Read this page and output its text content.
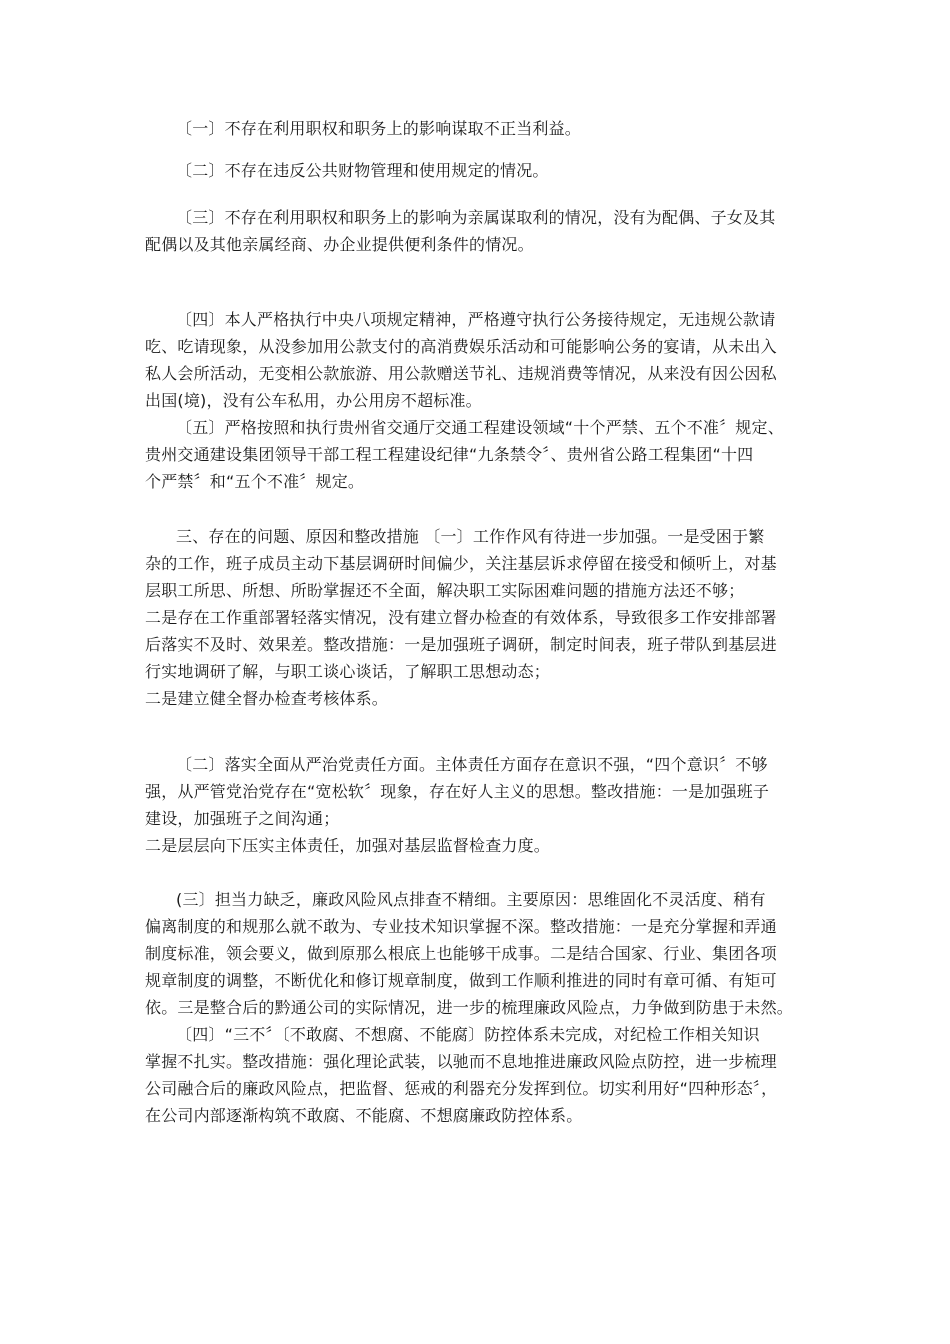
〔一〕不存在利用职权和职务上的影响谋取不正当利益。
〔二〕不存在违反公共财物管理和使用规定的情况。
〔三〕不存在利用职权和职务上的影响为亲属谋取利的情况，没有为配偶、子女及其
配偶以及其他亲属经商、办企业提供便利条件的情况。
〔四〕本人严格执行中央八项规定精神，严格遵守执行公务接待规定，无违规公款请
吃、吃请现象，从没参加用公款支付的高消费娱乐活动和可能影响公务的宴请，从未出入
私人会所活动，无变相公款旅游、用公款赠送节礼、违规消费等情况，从来没有因公因私
出国(境)，没有公车私用，办公用房不超标准。
〔五〕严格按照和执行贵州省交通厅交通工程建设领域“十个严禁、五个不准〞规定、
贵州交通建设集团领导干部工程工程建设纪律“九条禁令〞、贵州省公路工程集团“十四
个严禁〞和“五个不准〞规定。
三、存在的问题、原因和整改措施 〔一〕工作作风有待进一步加强。一是受困于繁
杂的工作，班子成员主动下基层调研时间偏少，关注基层诉求停留在接受和倾听上，对基
层职工所思、所想、所盼掌握还不全面，解决职工实际困难问题的措施方法还不够；
二是存在工作重部署轻落实情况，没有建立督办检查的有效体系，导致很多工作安排部署
后落实不及时、效果差。整改措施：一是加强班子调研，制定时间表，班子带队到基层进
行实地调研了解，与职工谈心谈话，了解职工思想动态；
二是建立健全督办检查考核体系。
〔二〕落实全面从严治党责任方面。主体责任方面存在意识不强，“四个意识〞不够
强，从严管党治党存在“宽松软〞现象，存在好人主义的思想。整改措施：一是加强班子
建设，加强班子之间沟通；
二是层层向下压实主体责任，加强对基层监督检查力度。
(三〕担当力缺乏，廉政风险风点排查不精细。主要原因：思维固化不灵活度、稍有
偏离制度的和规那么就不敢为、专业技术知识掌握不深。整改措施：一是充分掌握和弄通
制度标准，领会要义，做到原那么根底上也能够干成事。二是结合国家、行业、集团各项
规章制度的调整，不断优化和修订规章制度，做到工作顺利推进的同时有章可循、有矩可
依。三是整合后的黔通公司的实际情况，进一步的梳理廉政风险点，力争做到防患于未然。
〔四〕“三不〞〔不敢腐、不想腐、不能腐〕防控体系未完成，对纪检工作相关知识
掌握不扎实。整改措施：强化理论武装，以驰而不息地推进廉政风险点防控，进一步梳理
公司融合后的廉政风险点，把监督、惩戒的利器充分发挥到位。切实利用好“四种形态〞，
在公司内部逐渐构筑不敢腐、不能腐、不想腐廉政防控体系。
